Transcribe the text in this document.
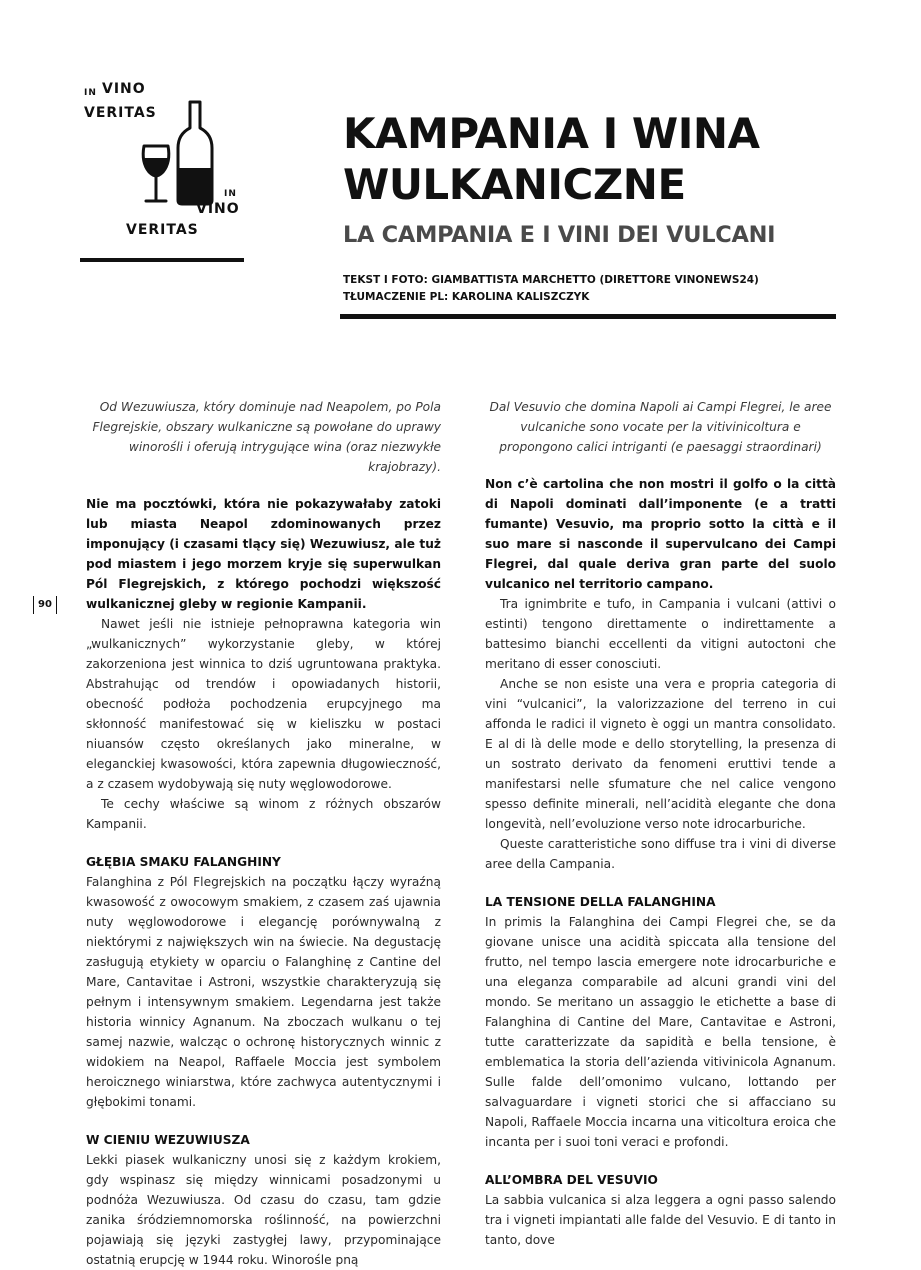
IN VINO
VERITAS
IN
VINO
VERITAS
KAMPANIA I WINA
WULKANICZNE
LA CAMPANIA E I VINI DEI VULCANI
TEKST I FOTO: GIAMBATTISTA MARCHETTO (DIRETTORE VINONEWS24)
TŁUMACZENIE PL: KAROLINA KALISZCZYK
90

Od Wezuwiusza, który dominuje nad Neapolem, po Pola Flegrejskie, obszary wulkaniczne są powołane do uprawy winorośli i oferują intrygujące wina (oraz niezwykłe krajobrazy).

Nie ma pocztówki, która nie pokazywałaby zatoki lub miasta Neapol zdominowanych przez imponujący (i czasami tlący się) Wezuwiusz, ale tuż pod miastem i jego morzem kryje się superwulkan Pól Flegrejskich, z którego pochodzi większość wulkanicznej gleby w regionie Kampanii.

Nawet jeśli nie istnieje pełnoprawna kategoria win „wulkanicznych” wykorzystanie gleby, w której zakorzeniona jest winnica to dziś ugruntowana praktyka. Abstrahując od trendów i opowiadanych historii, obecność podłoża pochodzenia erupcyjnego ma skłonność manifestować się w kieliszku w postaci niuansów często określanych jako mineralne, w eleganckiej kwasowości, która zapewnia długowieczność, a z czasem wydobywają się nuty węglowodorowe.

Te cechy właściwe są winom z różnych obszarów Kampanii.

GŁĘBIA SMAKU FALANGHINY

Falanghina z Pól Flegrejskich na początku łączy wyraźną kwasowość z owocowym smakiem, z czasem zaś ujawnia nuty węglowodorowe i elegancję porównywalną z niektórymi z największych win na świecie. Na degustację zasługują etykiety w oparciu o Falanghinę z Cantine del Mare, Cantavitae i Astroni, wszystkie charakteryzują się pełnym i intensywnym smakiem. Legendarna jest także historia winnicy Agnanum. Na zboczach wulkanu o tej samej nazwie, walcząc o ochronę historycznych winnic z widokiem na Neapol, Raffaele Moccia jest symbolem heroicznego winiarstwa, które zachwyca autentycznymi i głębokimi tonami.

W CIENIU WEZUWIUSZA

Lekki piasek wulkaniczny unosi się z każdym krokiem, gdy wspinasz się między winnicami posadzonymi u podnóża Wezuwiusza. Od czasu do czasu, tam gdzie zanika śródziemnomorska roślinność, na powierzchni pojawiają się języki zastygłej lawy, przypominające ostatnią erupcję w 1944 roku. Winorośle pną

Dal Vesuvio che domina Napoli ai Campi Flegrei, le aree vulcaniche sono vocate per la vitivinicoltura e propongono calici intriganti (e paesaggi straordinari)

Non c’è cartolina che non mostri il golfo o la città di Napoli dominati dall’imponente (e a tratti fumante) Vesuvio, ma proprio sotto la città e il suo mare si nasconde il supervulcano dei Campi Flegrei, dal quale deriva gran parte del suolo vulcanico nel territorio campano.

Tra ignimbrite e tufo, in Campania i vulcani (attivi o estinti) tengono direttamente o indirettamente a battesimo bianchi eccellenti da vitigni autoctoni che meritano di esser conosciuti.

Anche se non esiste una vera e propria categoria di vini “vulcanici”, la valorizzazione del terreno in cui affonda le radici il vigneto è oggi un mantra consolidato. E al di là delle mode e dello storytelling, la presenza di un sostrato derivato da fenomeni eruttivi tende a manifestarsi nelle sfumature che nel calice vengono spesso definite minerali, nell’acidità elegante che dona longevità, nell’evoluzione verso note idrocarburiche.

Queste caratteristiche sono diffuse tra i vini di diverse aree della Campania.

LA TENSIONE DELLA FALANGHINA

In primis la Falanghina dei Campi Flegrei che, se da giovane unisce una acidità spiccata alla tensione del frutto, nel tempo lascia emergere note idrocarburiche e una eleganza comparabile ad alcuni grandi vini del mondo. Se meritano un assaggio le etichette a base di Falanghina di Cantine del Mare, Cantavitae e Astroni, tutte caratterizzate da sapidità e bella tensione, è emblematica la storia dell’azienda vitivinicola Agnanum. Sulle falde dell’omonimo vulcano, lottando per salvaguardare i vigneti storici che si affacciano su Napoli, Raffaele Moccia incarna una viticoltura eroica che incanta per i suoi toni veraci e profondi.

ALL’OMBRA DEL VESUVIO

La sabbia vulcanica si alza leggera a ogni passo salendo tra i vigneti impiantati alle falde del Vesuvio. E di tanto in tanto, dove
